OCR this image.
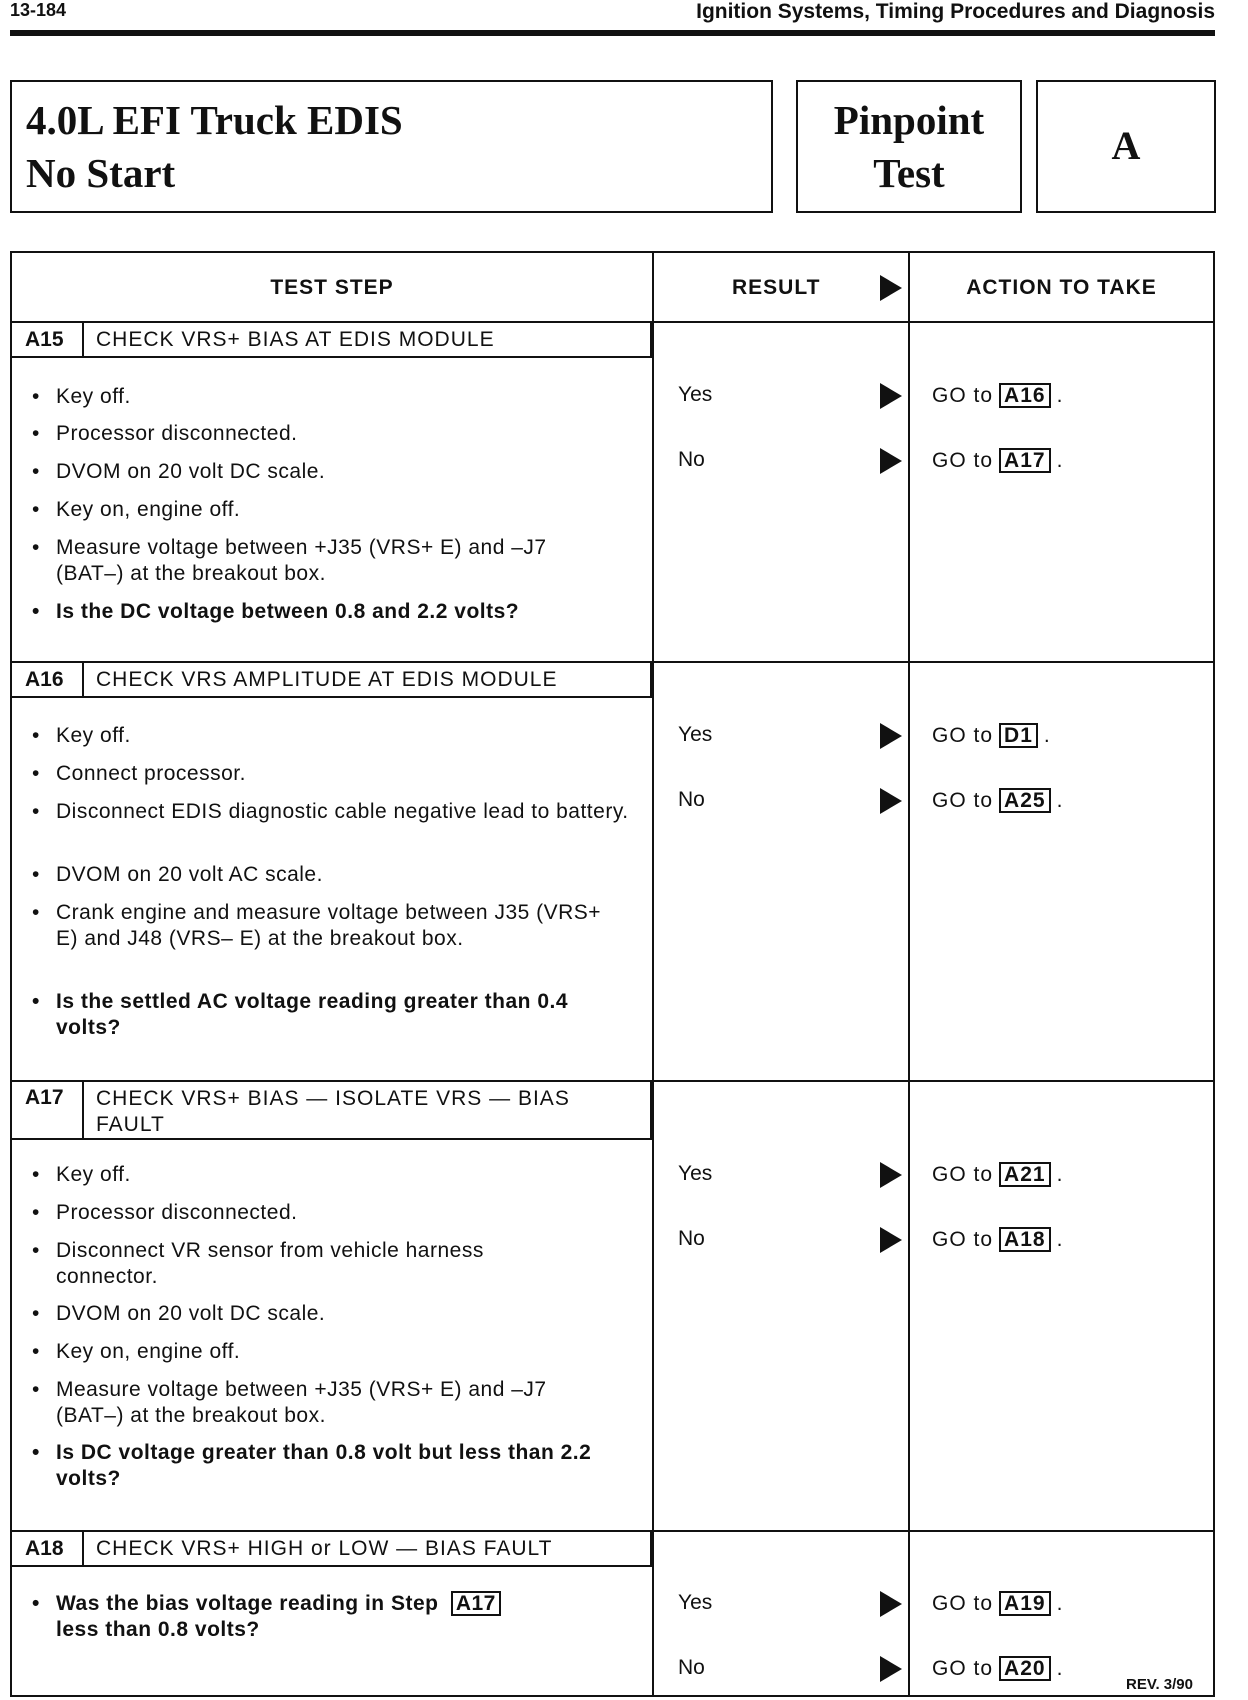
13-184	Ignition Systems, Timing Procedures and Diagnosis
4.0L EFI Truck EDIS
No Start
Pinpoint
Test
A
TEST STEP	RESULT	ACTION TO TAKE
A15	CHECK VRS+ BIAS AT EDIS MODULE
• Key off.
• Processor disconnected.
• DVOM on 20 volt DC scale.
• Key on, engine off.
• Measure voltage between +J35 (VRS+ E) and –J7 (BAT–) at the breakout box.
• Is the DC voltage between 0.8 and 2.2 volts?
Yes	GO to A16 .
No	GO to A17 .
A16	CHECK VRS AMPLITUDE AT EDIS MODULE
• Key off.
• Connect processor.
• Disconnect EDIS diagnostic cable negative lead to battery.
• DVOM on 20 volt AC scale.
• Crank engine and measure voltage between J35 (VRS+ E) and J48 (VRS– E) at the breakout box.
• Is the settled AC voltage reading greater than 0.4 volts?
Yes	GO to D1 .
No	GO to A25 .
A17	CHECK VRS+ BIAS — ISOLATE VRS — BIAS FAULT
• Key off.
• Processor disconnected.
• Disconnect VR sensor from vehicle harness connector.
• DVOM on 20 volt DC scale.
• Key on, engine off.
• Measure voltage between +J35 (VRS+ E) and –J7 (BAT–) at the breakout box.
• Is DC voltage greater than 0.8 volt but less than 2.2 volts?
Yes	GO to A21 .
No	GO to A18 .
A18	CHECK VRS+ HIGH or LOW — BIAS FAULT
• Was the bias voltage reading in Step A17
less than 0.8 volts?
Yes	GO to A19 .
No	GO to A20 .
REV. 3/90
